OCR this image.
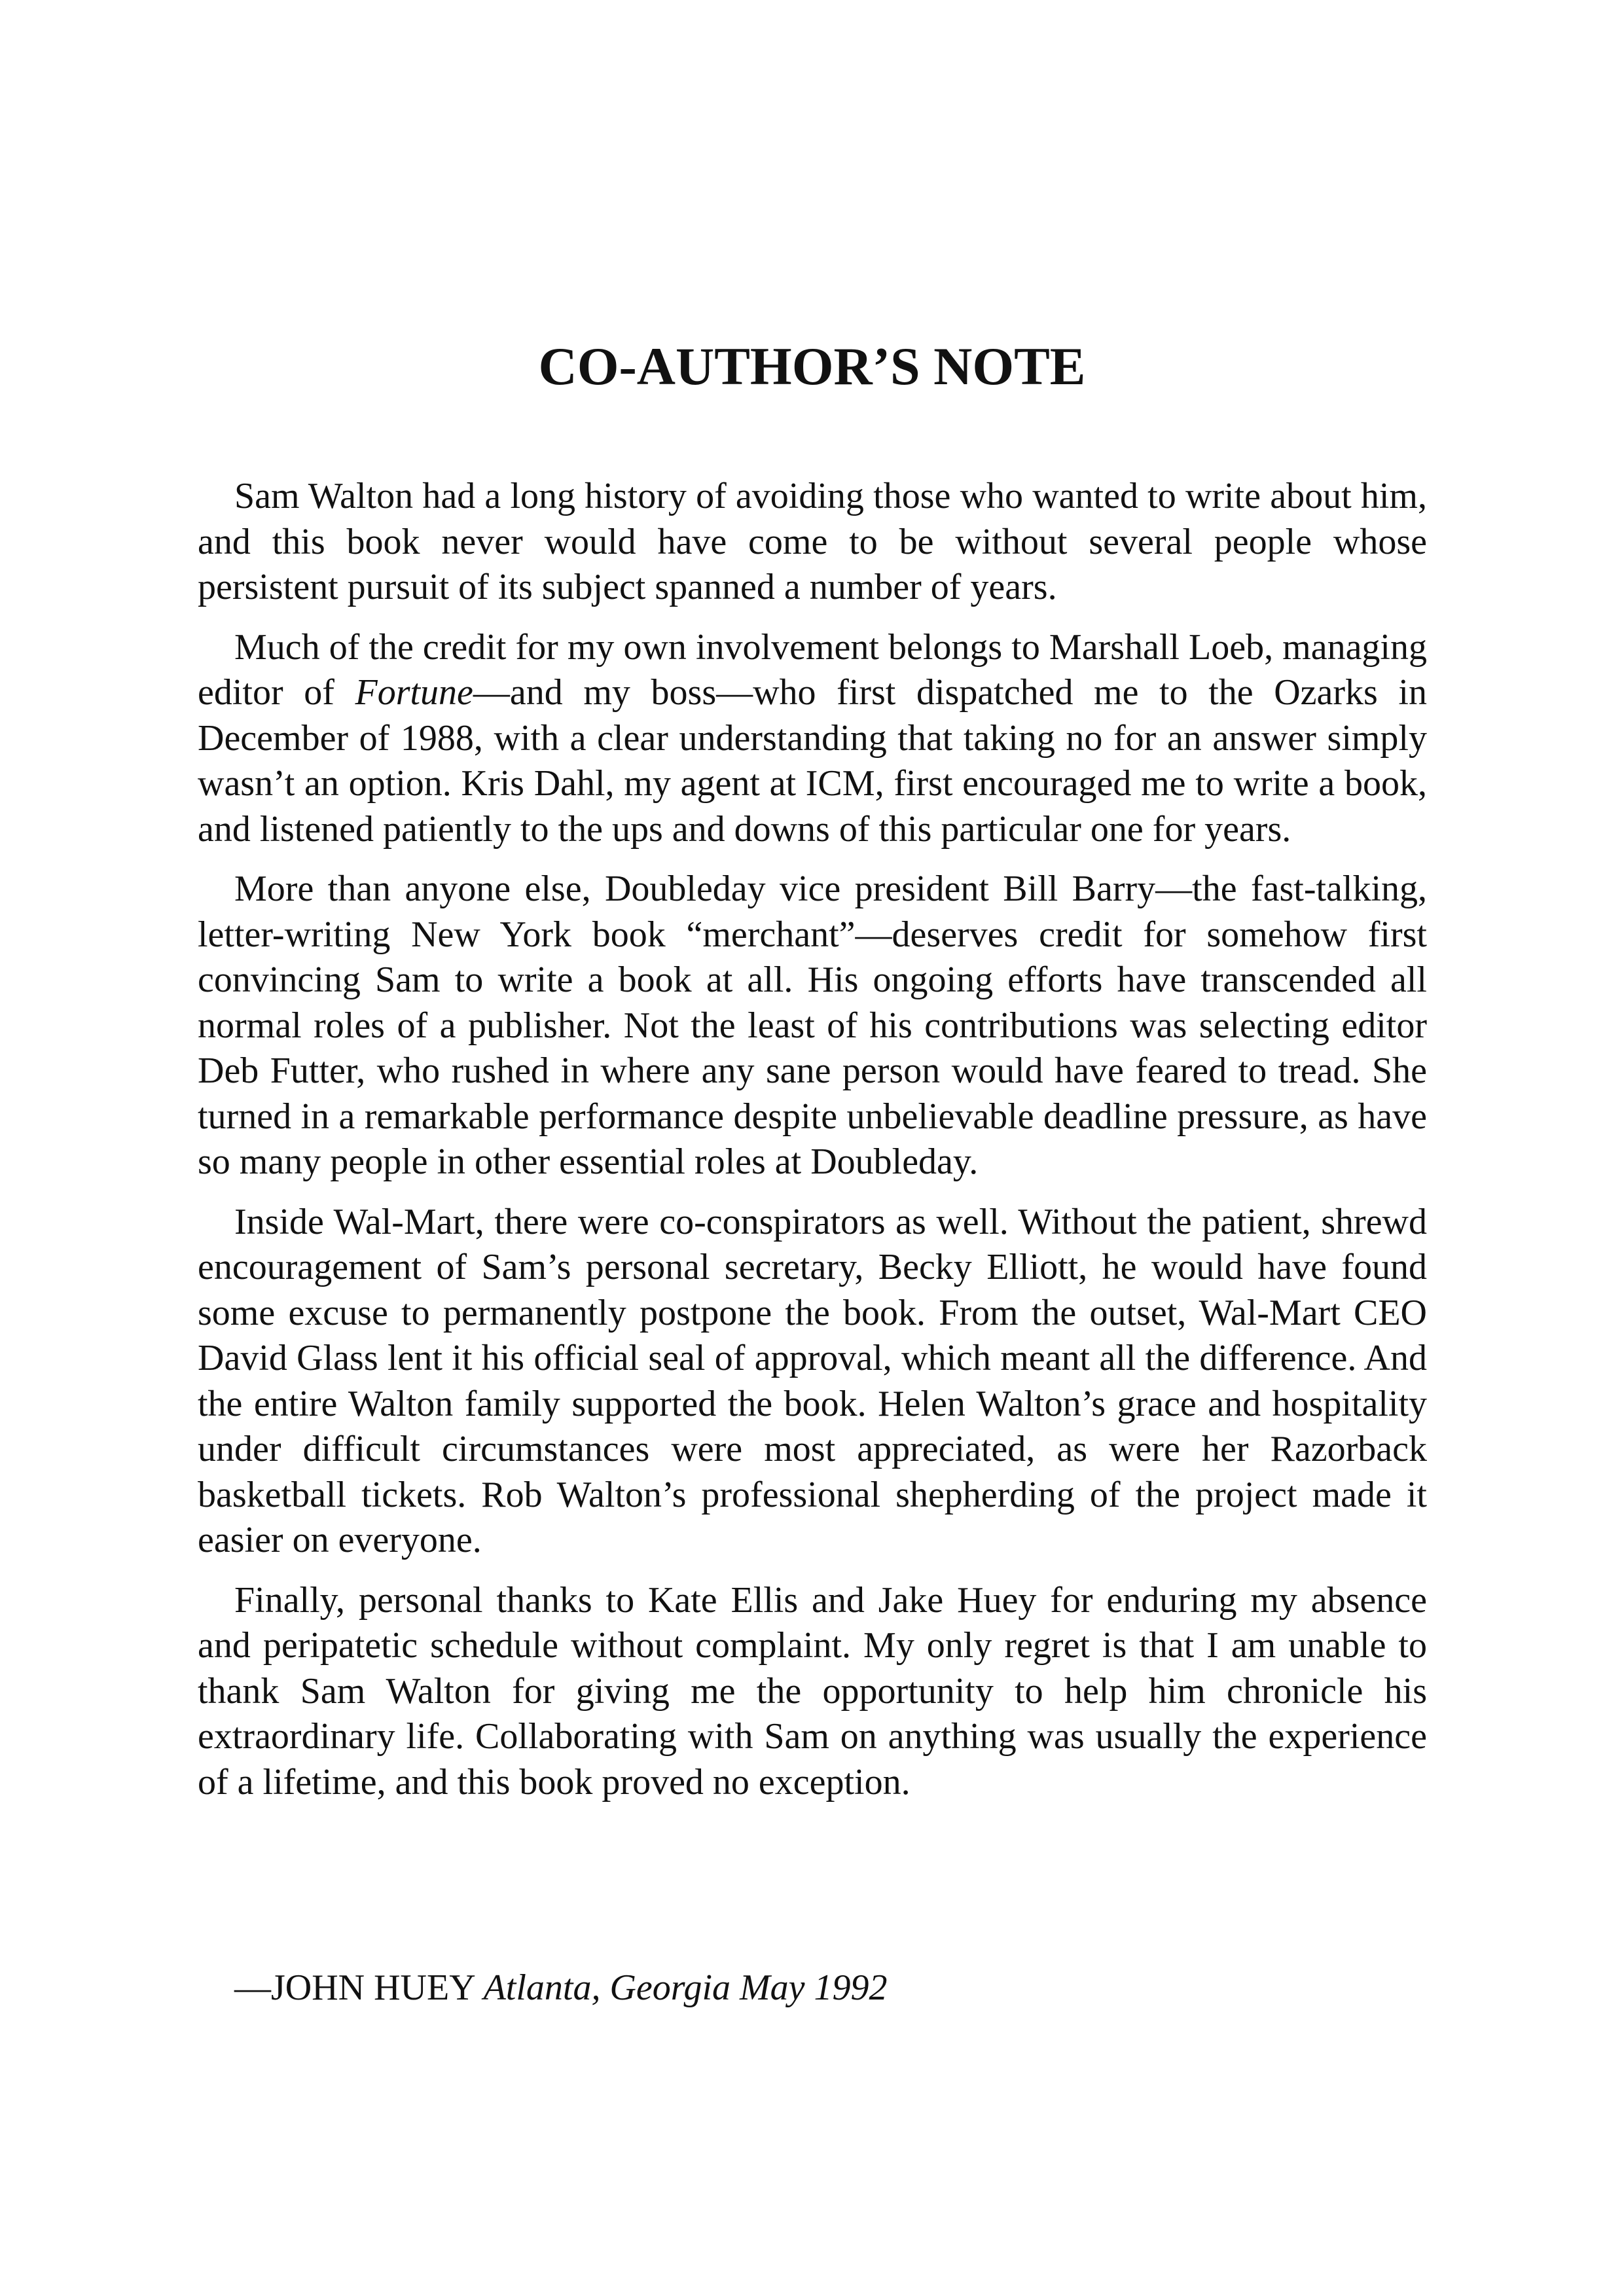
CO-AUTHOR’S NOTE

Sam Walton had a long history of avoiding those who wanted to write about him, and this book never would have come to be without several people whose persistent pursuit of its subject spanned a number of years.

Much of the credit for my own involvement belongs to Marshall Loeb, managing editor of Fortune—and my boss—who first dispatched me to the Ozarks in December of 1988, with a clear understanding that taking no for an answer simply wasn’t an option. Kris Dahl, my agent at ICM, first encouraged me to write a book, and listened patiently to the ups and downs of this particular one for years.

More than anyone else, Doubleday vice president Bill Barry—the fast-talking, letter-writing New York book “merchant”—deserves credit for somehow first convincing Sam to write a book at all. His ongoing efforts have transcended all normal roles of a publisher. Not the least of his contributions was selecting editor Deb Futter, who rushed in where any sane person would have feared to tread. She turned in a remarkable performance despite unbelievable deadline pressure, as have so many people in other essential roles at Doubleday.

Inside Wal-Mart, there were co-conspirators as well. Without the patient, shrewd encouragement of Sam’s personal secretary, Becky Elliott, he would have found some excuse to permanently postpone the book. From the outset, Wal-Mart CEO David Glass lent it his official seal of approval, which meant all the difference. And the entire Walton family supported the book. Helen Walton’s grace and hospitality under difficult circumstances were most appreciated, as were her Razorback basketball tickets. Rob Walton’s professional shepherding of the project made it easier on everyone.

Finally, personal thanks to Kate Ellis and Jake Huey for enduring my absence and peripatetic schedule without complaint. My only regret is that I am unable to thank Sam Walton for giving me the opportunity to help him chronicle his extraordinary life. Collaborating with Sam on anything was usually the experience of a lifetime, and this book proved no exception.

—JOHN HUEY Atlanta, Georgia May 1992
